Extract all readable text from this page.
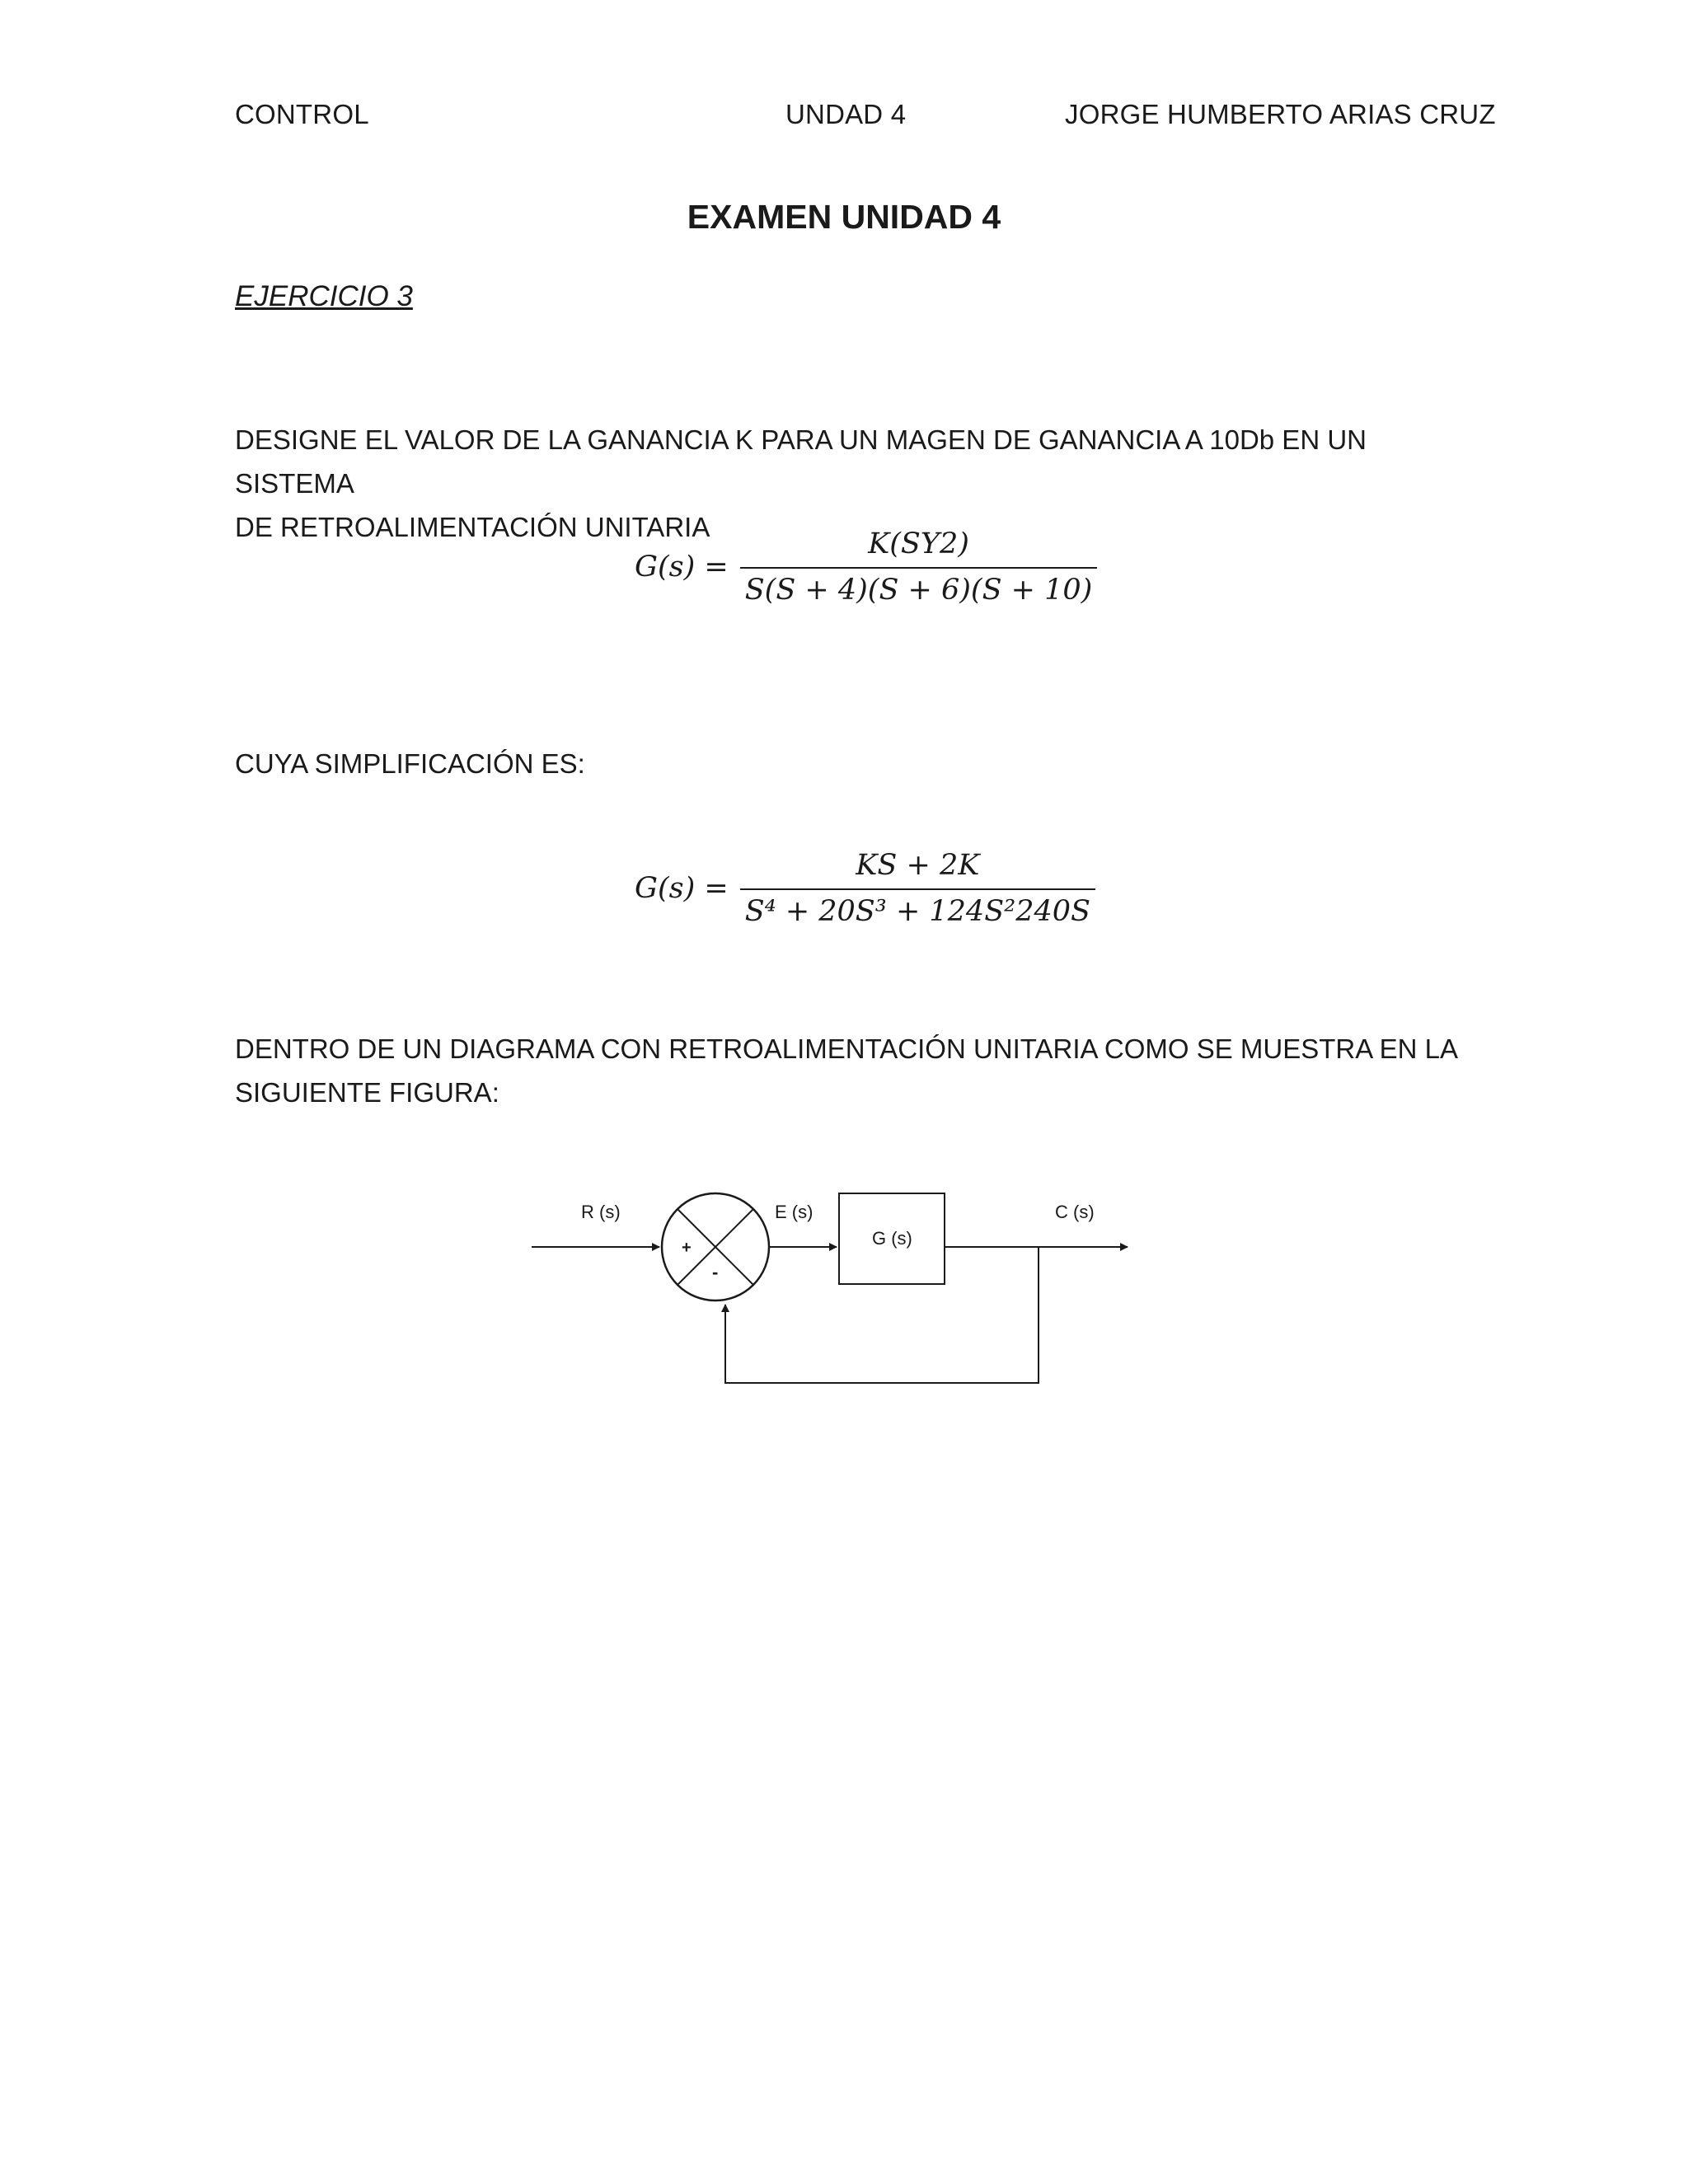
CONTROL	UNDAD 4	JORGE HUMBERTO ARIAS CRUZ
EXAMEN UNIDAD 4
EJERCICIO 3
DESIGNE EL VALOR DE LA GANANCIA K PARA UN MAGEN DE GANANCIA A 10Db EN UN SISTEMA
DE RETROALIMENTACIÓN UNITARIA
$G(s) = \frac{K(SY2)}{S(S + 4)(S + 6)(S + 10)}$
CUYA SIMPLIFICACIÓN ES:
$G(s) = \frac{KS + 2K}{\text{S⁴ + 20S³ + 124S²240S}}$
DENTRO DE UN DIAGRAMA CON RETROALIMENTACIÓN UNITARIA COMO SE MUESTRA EN LA
SIGUIENTE FIGURA:
R (s)
+
-
E (s)
G (s)
C (s)
